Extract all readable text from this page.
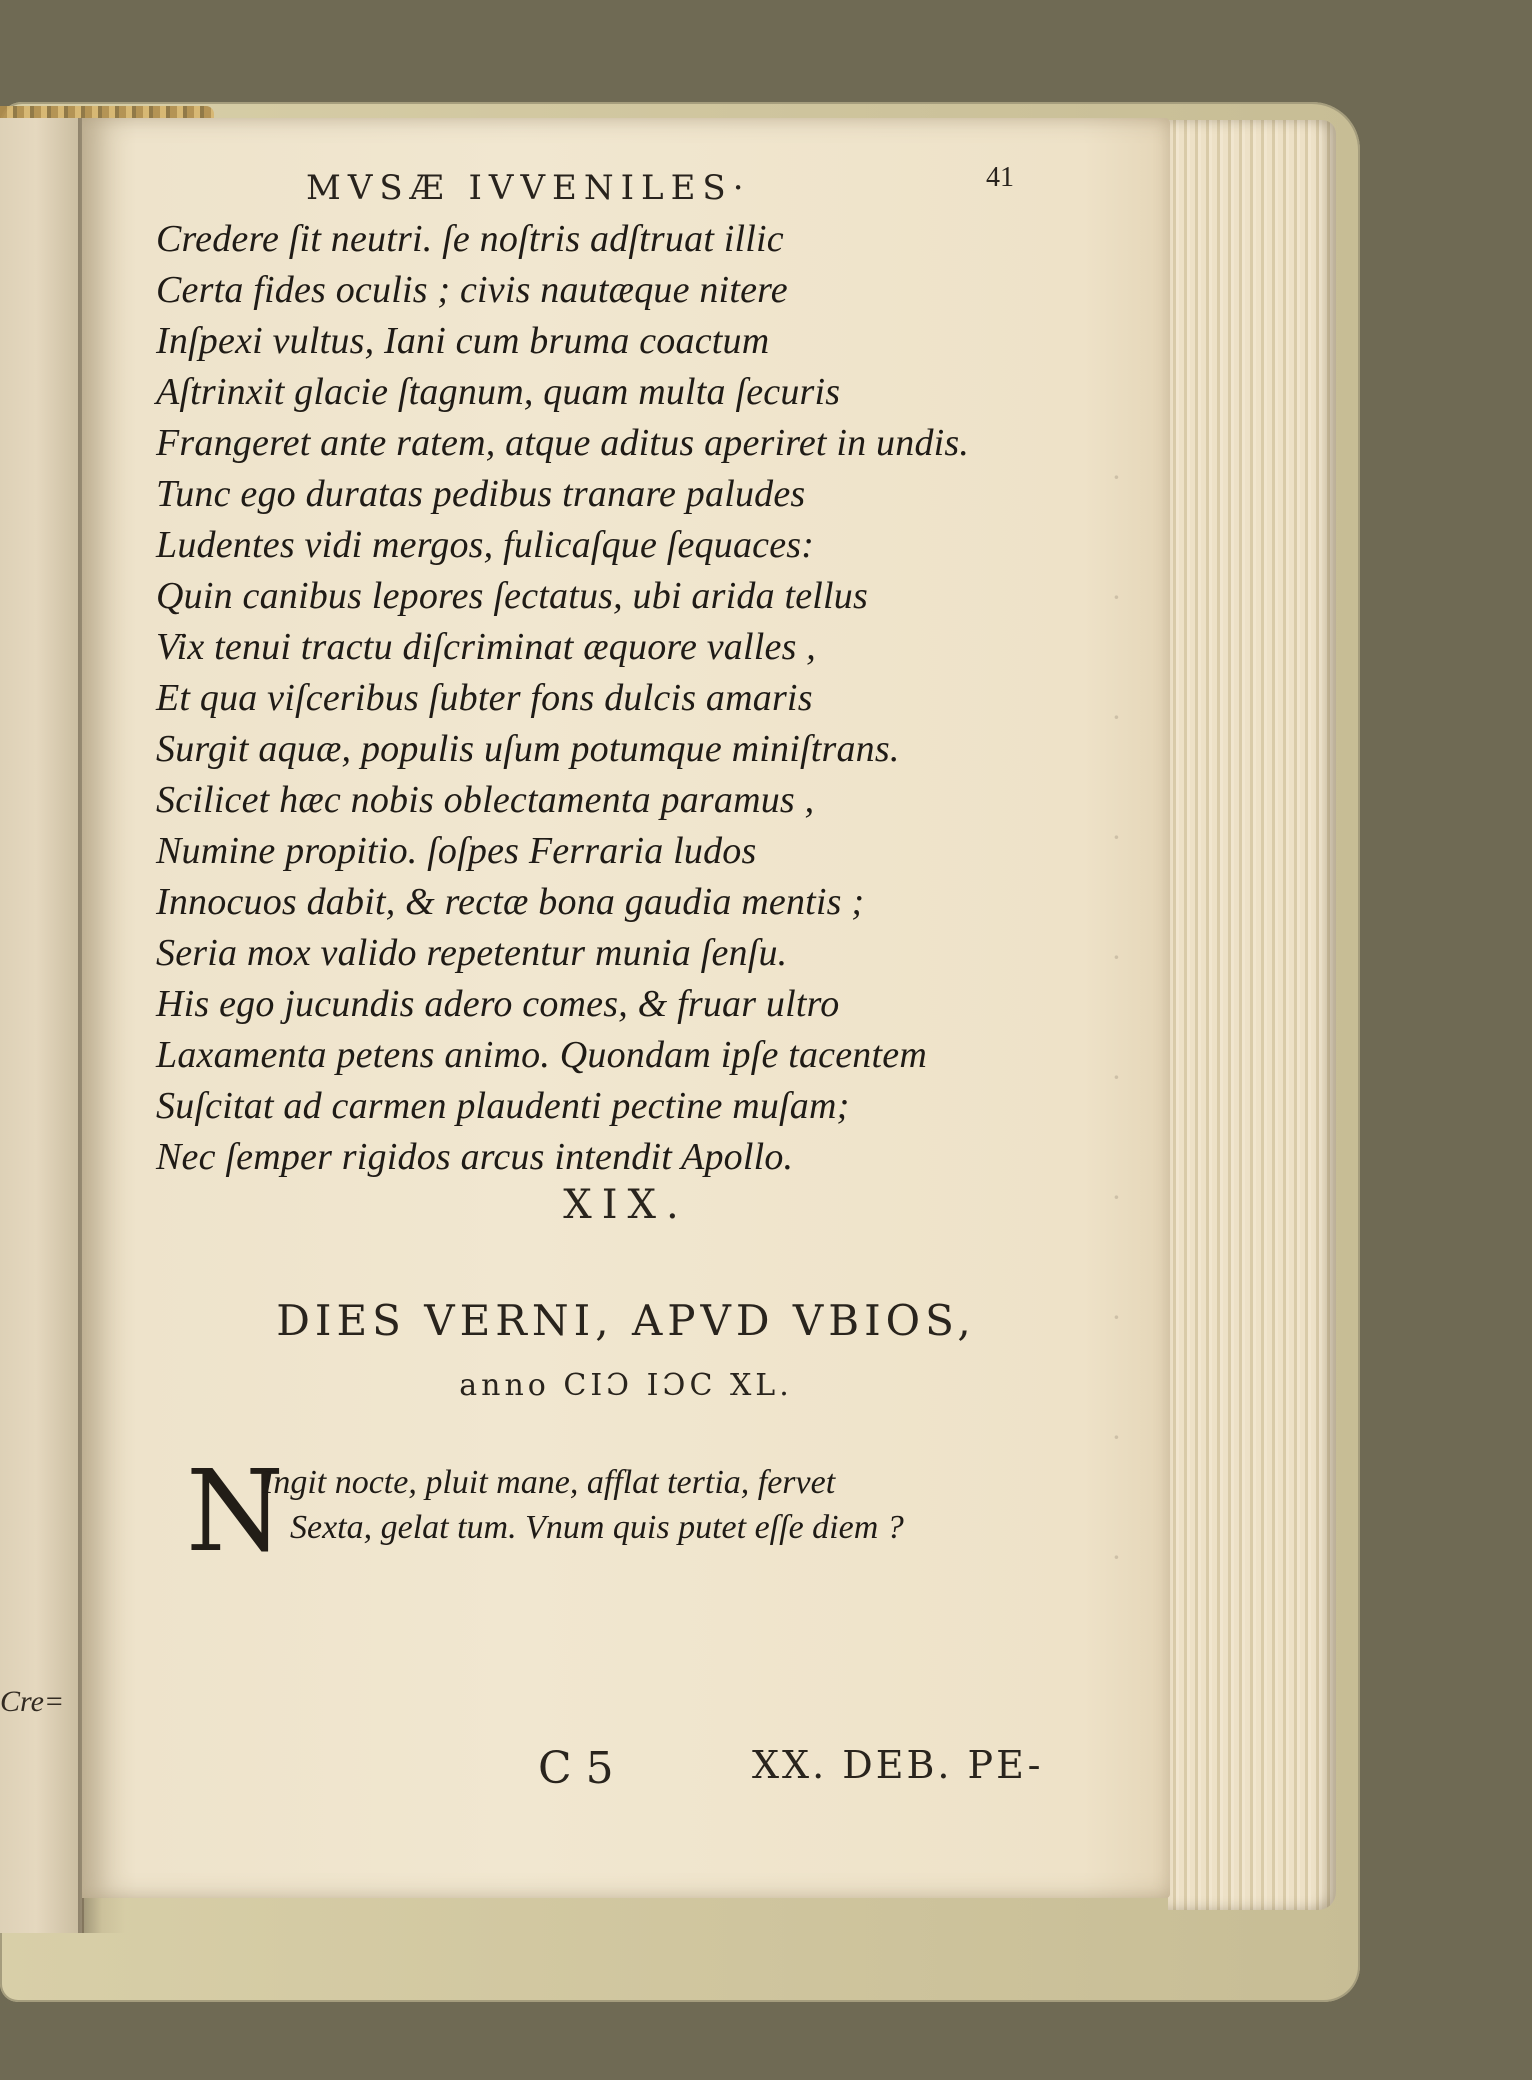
Cre=
MVSÆ IVVENILES·	41
Credere ſit neutri. ſe noſtris adſtruat illic
Certa fides oculis ; civis nautæque nitere
Inſpexi vultus, Iani cum bruma coactum
Aſtrinxit glacie ſtagnum, quam multa ſecuris
Frangeret ante ratem, atque aditus aperiret in undis.
Tunc ego duratas pedibus tranare paludes
Ludentes vidi mergos, fulicaſque ſequaces:
Quin canibus lepores ſectatus, ubi arida tellus
Vix tenui tractu diſcriminat æquore valles ,
Et qua viſceribus ſubter fons dulcis amaris
Surgit aquæ, populis uſum potumque miniſtrans.
Scilicet hæc nobis oblectamenta paramus ,
Numine propitio. ſoſpes Ferraria ludos
Innocuos dabit, & rectæ bona gaudia mentis ;
Seria mox valido repetentur munia ſenſu.
His ego jucundis adero comes, & fruar ultro
Laxamenta petens animo. Quondam ipſe tacentem
Suſcitat ad carmen plaudenti pectine muſam;
Nec ſemper rigidos arcus intendit Apollo.
XIX.
DIES VERNI, APVD VBIOS,
anno CIƆ IƆC XL.
N
Ingit nocte, pluit mane, afflat tertia, fervet
Sexta, gelat tum. Vnum quis putet eſſe diem ?
C 5	XX. DEB. PE-
·
·
·
·
·
·
·
·
·
·
